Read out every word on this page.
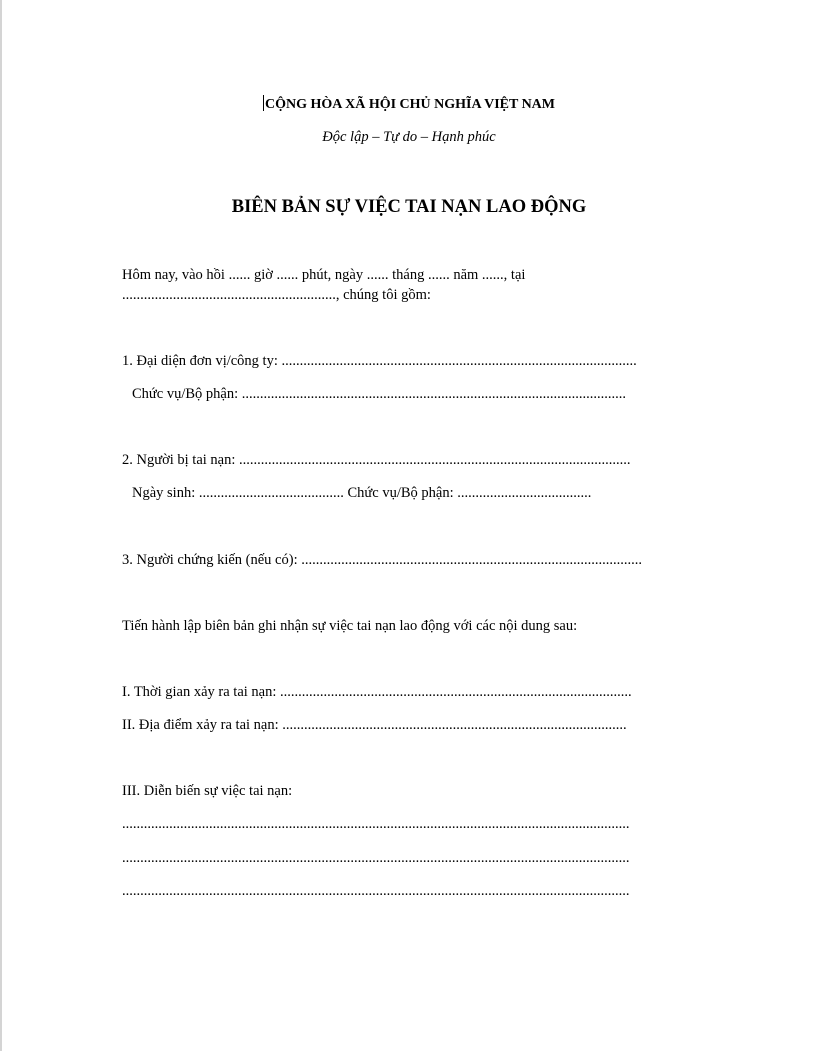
CỘNG HÒA XÃ HỘI CHỦ NGHĨA VIỆT NAM
Độc lập – Tự do – Hạnh phúc
BIÊN BẢN SỰ VIỆC TAI NẠN LAO ĐỘNG
Hôm nay, vào hồi ...... giờ ...... phút, ngày ...... tháng ...... năm ......, tại
..........................................................., chúng tôi gồm:
1. Đại diện đơn vị/công ty: ..................................................................................................
Chức vụ/Bộ phận: ..........................................................................................................
2. Người bị tai nạn: ............................................................................................................
Ngày sinh: ........................................ Chức vụ/Bộ phận: .....................................
3. Người chứng kiến (nếu có): ..............................................................................................
Tiến hành lập biên bản ghi nhận sự việc tai nạn lao động với các nội dung sau:
I. Thời gian xảy ra tai nạn: .................................................................................................
II. Địa điểm xảy ra tai nạn: ...............................................................................................
III. Diễn biến sự việc tai nạn:
............................................................................................................................................
............................................................................................................................................
............................................................................................................................................
